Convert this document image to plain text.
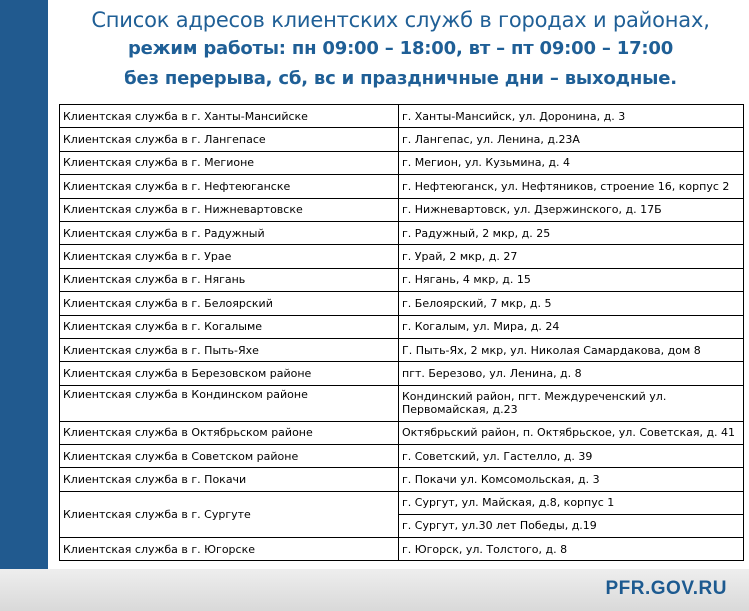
Список адресов клиентских служб в городах и районах,
режим работы: пн 09:00 – 18:00, вт – пт 09:00 – 17:00
без перерыва, сб, вс и праздничные дни – выходные.
Клиентская служба в г. Ханты-Мансийске	г. Ханты-Мансийск, ул. Доронина, д. 3
Клиентская служба в г. Лангепасе	г. Лангепас, ул. Ленина, д.23А
Клиентская служба в г. Мегионе	г. Мегион, ул. Кузьмина, д. 4
Клиентская служба в г. Нефтеюганске	г. Нефтеюганск, ул. Нефтяников, строение 16, корпус 2
Клиентская служба в г. Нижневартовске	г. Нижневартовск, ул. Дзержинского, д. 17Б
Клиентская служба в г. Радужный	г. Радужный, 2 мкр, д. 25
Клиентская служба в г. Урае	г. Урай, 2 мкр, д. 27
Клиентская служба в г. Нягань	г. Нягань, 4 мкр, д. 15
Клиентская служба в г. Белоярский	г. Белоярский, 7 мкр, д. 5
Клиентская служба в г. Когалыме	г. Когалым, ул. Мира, д. 24
Клиентская служба в г. Пыть-Яхе	Г. Пыть-Ях, 2 мкр, ул. Николая Самардакова, дом 8
Клиентская служба в Березовском районе	пгт. Березово, ул. Ленина, д. 8
Клиентская служба в Кондинском районе	Кондинский район, пгт. Междуреченский ул. Первомайская, д.23
Клиентская служба в Октябрьском районе	Октябрьский район, п. Октябрьское, ул. Советская, д. 41
Клиентская служба в Советском районе	г. Советский, ул. Гастелло, д. 39
Клиентская служба в г. Покачи	г. Покачи ул. Комсомольская, д. 3
Клиентская служба в г. Сургуте	г. Сургут, ул. Майская, д.8, корпус 1
	г. Сургут, ул.30 лет Победы, д.19
Клиентская служба в г. Югорске	г. Югорск, ул. Толстого, д. 8
PFR.GOV.RU
